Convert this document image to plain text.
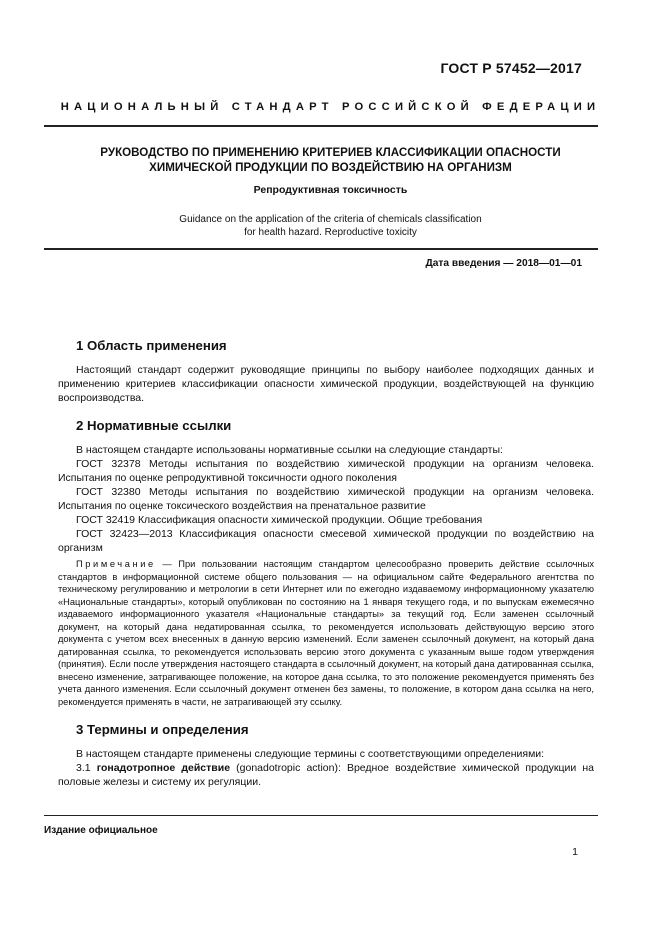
ГОСТ Р 57452—2017
НАЦИОНАЛЬНЫЙ СТАНДАРТ РОССИЙСКОЙ ФЕДЕРАЦИИ
РУКОВОДСТВО ПО ПРИМЕНЕНИЮ КРИТЕРИЕВ КЛАССИФИКАЦИИ ОПАСНОСТИ
ХИМИЧЕСКОЙ ПРОДУКЦИИ ПО ВОЗДЕЙСТВИЮ НА ОРГАНИЗМ
Репродуктивная токсичность
Guidance on the application of the criteria of chemicals classification
for health hazard. Reproductive toxicity
Дата введения — 2018—01—01
1 Область применения

Настоящий стандарт содержит руководящие принципы по выбору наиболее подходящих данных и применению критериев классификации опасности химической продукции, воздействующей на функцию воспроизводства.

2 Нормативные ссылки

В настоящем стандарте использованы нормативные ссылки на следующие стандарты:

ГОСТ 32378 Методы испытания по воздействию химической продукции на организм человека. Испытания по оценке репродуктивной токсичности одного поколения

ГОСТ 32380 Методы испытания по воздействию химической продукции на организм человека. Испытания по оценке токсического воздействия на пренатальное развитие

ГОСТ 32419 Классификация опасности химической продукции. Общие требования

ГОСТ 32423—2013 Классификация опасности смесевой химической продукции по воздействию на организм

Примечание — При пользовании настоящим стандартом целесообразно проверить действие ссылочных стандартов в информационной системе общего пользования — на официальном сайте Федерального агентства по техническому регулированию и метрологии в сети Интернет или по ежегодно издаваемому информационному указателю «Национальные стандарты», который опубликован по состоянию на 1 января текущего года, и по выпускам ежемесячно издаваемого информационного указателя «Национальные стандарты» за текущий год. Если заменен ссылочный документ, на который дана недатированная ссылка, то рекомендуется использовать действующую версию этого документа с учетом всех внесенных в данную версию изменений. Если заменен ссылочный документ, на который дана датированная ссылка, то рекомендуется использовать версию этого документа с указанным выше годом утверждения (принятия). Если после утверждения настоящего стандарта в ссылочный документ, на который дана датированная ссылка, внесено изменение, затрагивающее положение, на которое дана ссылка, то это положение рекомендуется применять без учета данного изменения. Если ссылочный документ отменен без замены, то положение, в котором дана ссылка на него, рекомендуется применять в части, не затрагивающей эту ссылку.

3 Термины и определения

В настоящем стандарте применены следующие термины с соответствующими определениями:

3.1 гонадотропное действие (gonadotropic action): Вредное воздействие химической продукции на половые железы и систему их регуляции.

Издание официальное
1
